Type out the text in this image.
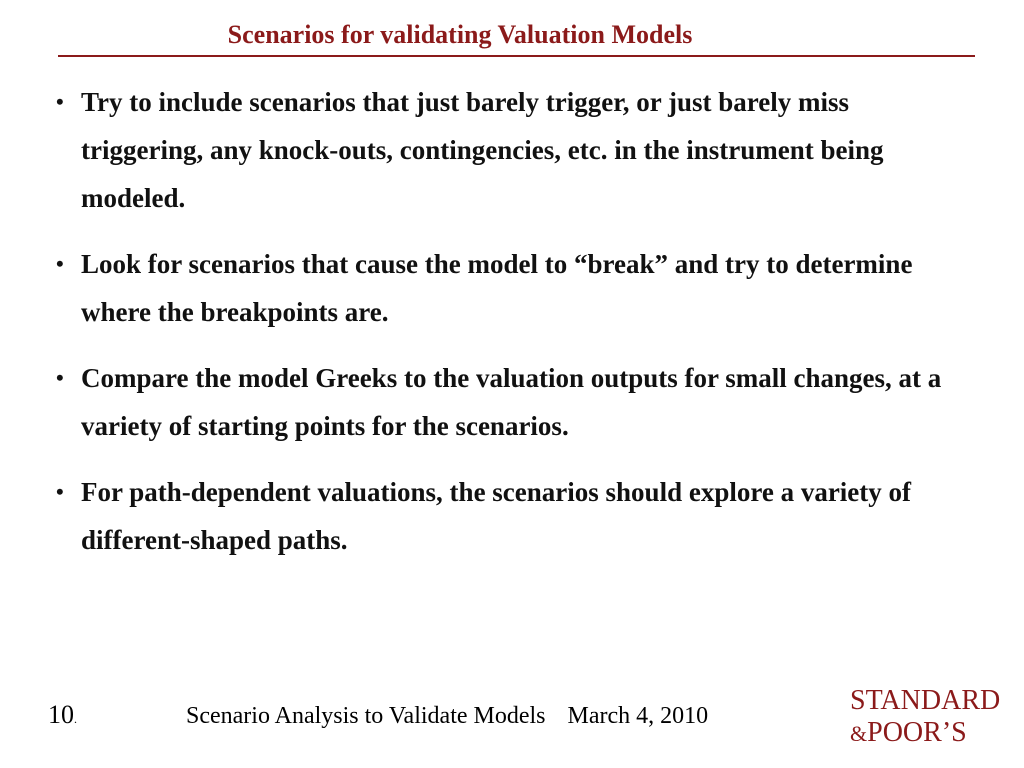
Scenarios for validating Valuation Models
• Try to include scenarios that just barely trigger, or just barely miss triggering, any knock-outs, contingencies, etc. in the instrument being modeled.
• Look for scenarios that cause the model to “break” and try to determine where the breakpoints are.
• Compare the model Greeks to the valuation outputs for small changes, at a variety of starting points for the scenarios.
• For path-dependent valuations, the scenarios should explore a variety of different-shaped paths.
10.	Scenario Analysis to Validate Models March 4, 2010	STANDARD
&POOR’S
